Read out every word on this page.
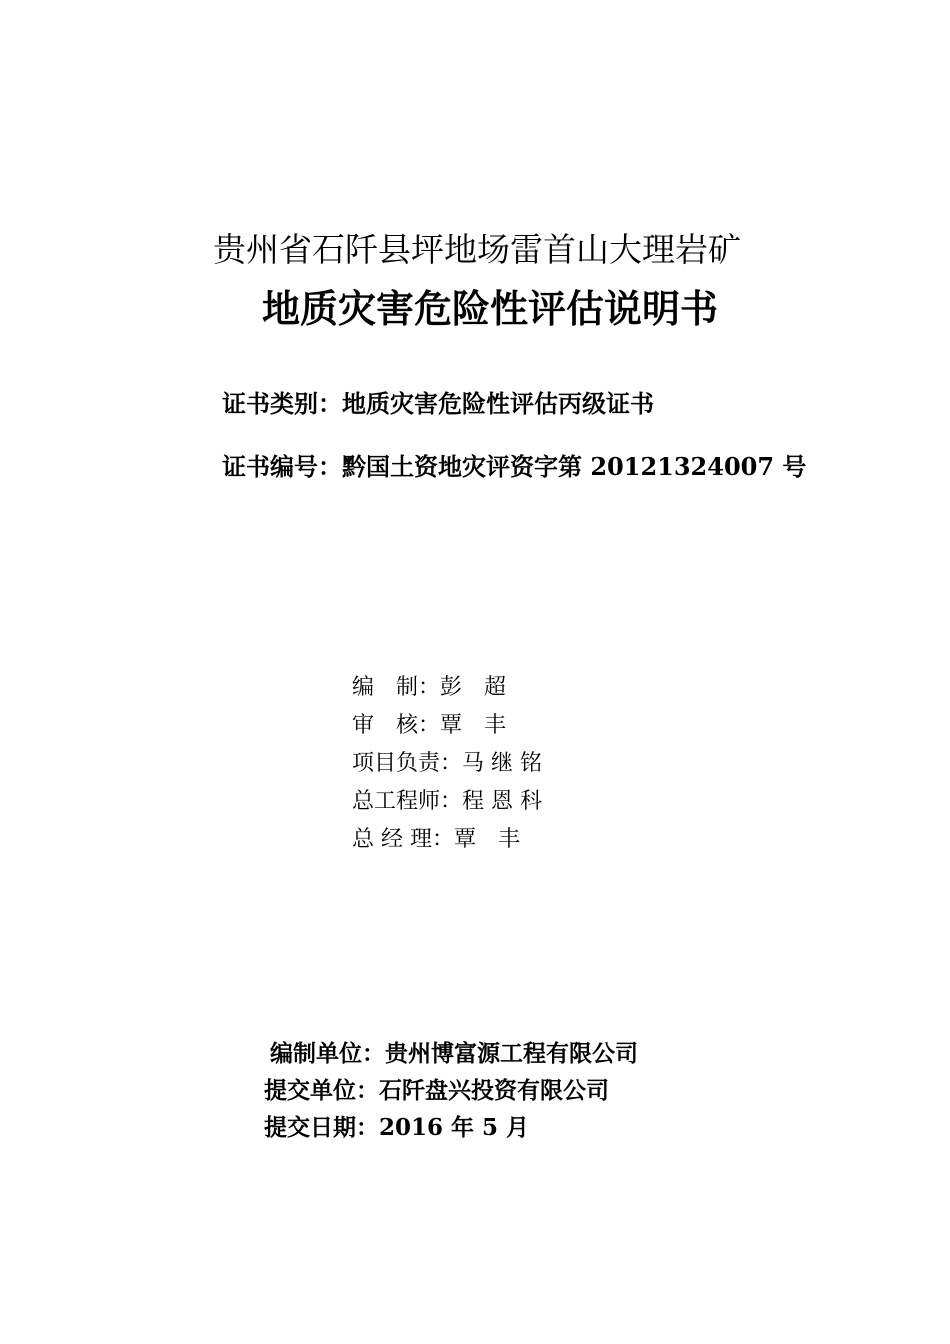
贵州省石阡县坪地场雷首山大理岩矿
地质灾害危险性评估说明书
证书类别：地质灾害危险性评估丙级证书
证书编号：黔国土资地灾评资字第 20121324007 号
编　制：彭　超
审　核：覃　丰
项目负责：马 继 铭
总工程师：程 恩 科
总 经 理：覃　丰
编制单位：贵州博富源工程有限公司
提交单位：石阡盘兴投资有限公司
提交日期：2016 年 5 月
